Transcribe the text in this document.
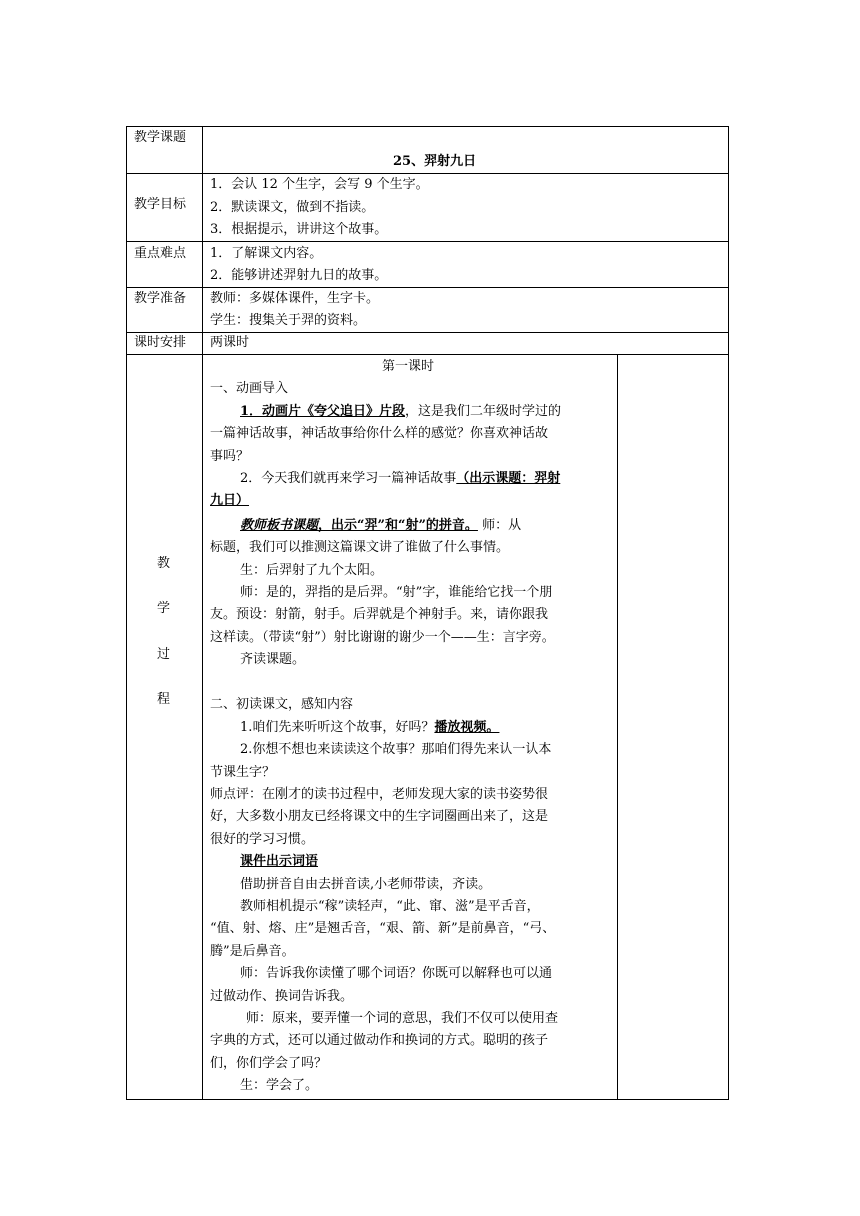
教学课题
25、羿射九日
教学目标
1．会认 12 个生字，会写 9 个生字。
2．默读课文，做到不指读。
3．根据提示，讲讲这个故事。
重点难点 1．了解课文内容。
2．能够讲述羿射九日的故事。
教学准备 教师：多媒体课件，生字卡。
学生：搜集关于羿的资料。
课时安排 两课时
教
学
过
程
第一课时
一、动画导入
1．动画片《夸父追日》片段，这是我们二年级时学过的
一篇神话故事，神话故事给你什么样的感觉？你喜欢神话故
事吗？
2．今天我们就再来学习一篇神话故事（出示课题：羿射
九日）
教师板书课题，出示“羿”和“射”的拼音。 师：从
标题，我们可以推测这篇课文讲了谁做了什么事情。
生：后羿射了九个太阳。
师：是的，羿指的是后羿。“射”字，谁能给它找一个朋
友。预设：射箭，射手。后羿就是个神射手。来，请你跟我
这样读。（带读“射”）射比谢谢的谢少一个——生：言字旁。
齐读课题。
二、初读课文，感知内容
1.咱们先来听听这个故事，好吗？播放视频。
2.你想不想也来读读这个故事？那咱们得先来认一认本
节课生字？
师点评：在刚才的读书过程中，老师发现大家的读书姿势很
好，大多数小朋友已经将课文中的生字词圈画出来了，这是
很好的学习习惯。
课件出示词语
借助拼音自由去拼音读,小老师带读，齐读。
教师相机提示“稼”读轻声，“此、窜、滋”是平舌音，
“值、射、熔、庄”是翘舌音，“艰、箭、新”是前鼻音，“弓、
腾”是后鼻音。
师：告诉我你读懂了哪个词语？你既可以解释也可以通
过做动作、换词告诉我。
师：原来，要弄懂一个词的意思，我们不仅可以使用查
字典的方式，还可以通过做动作和换词的方式。聪明的孩子
们，你们学会了吗？
生：学会了。
